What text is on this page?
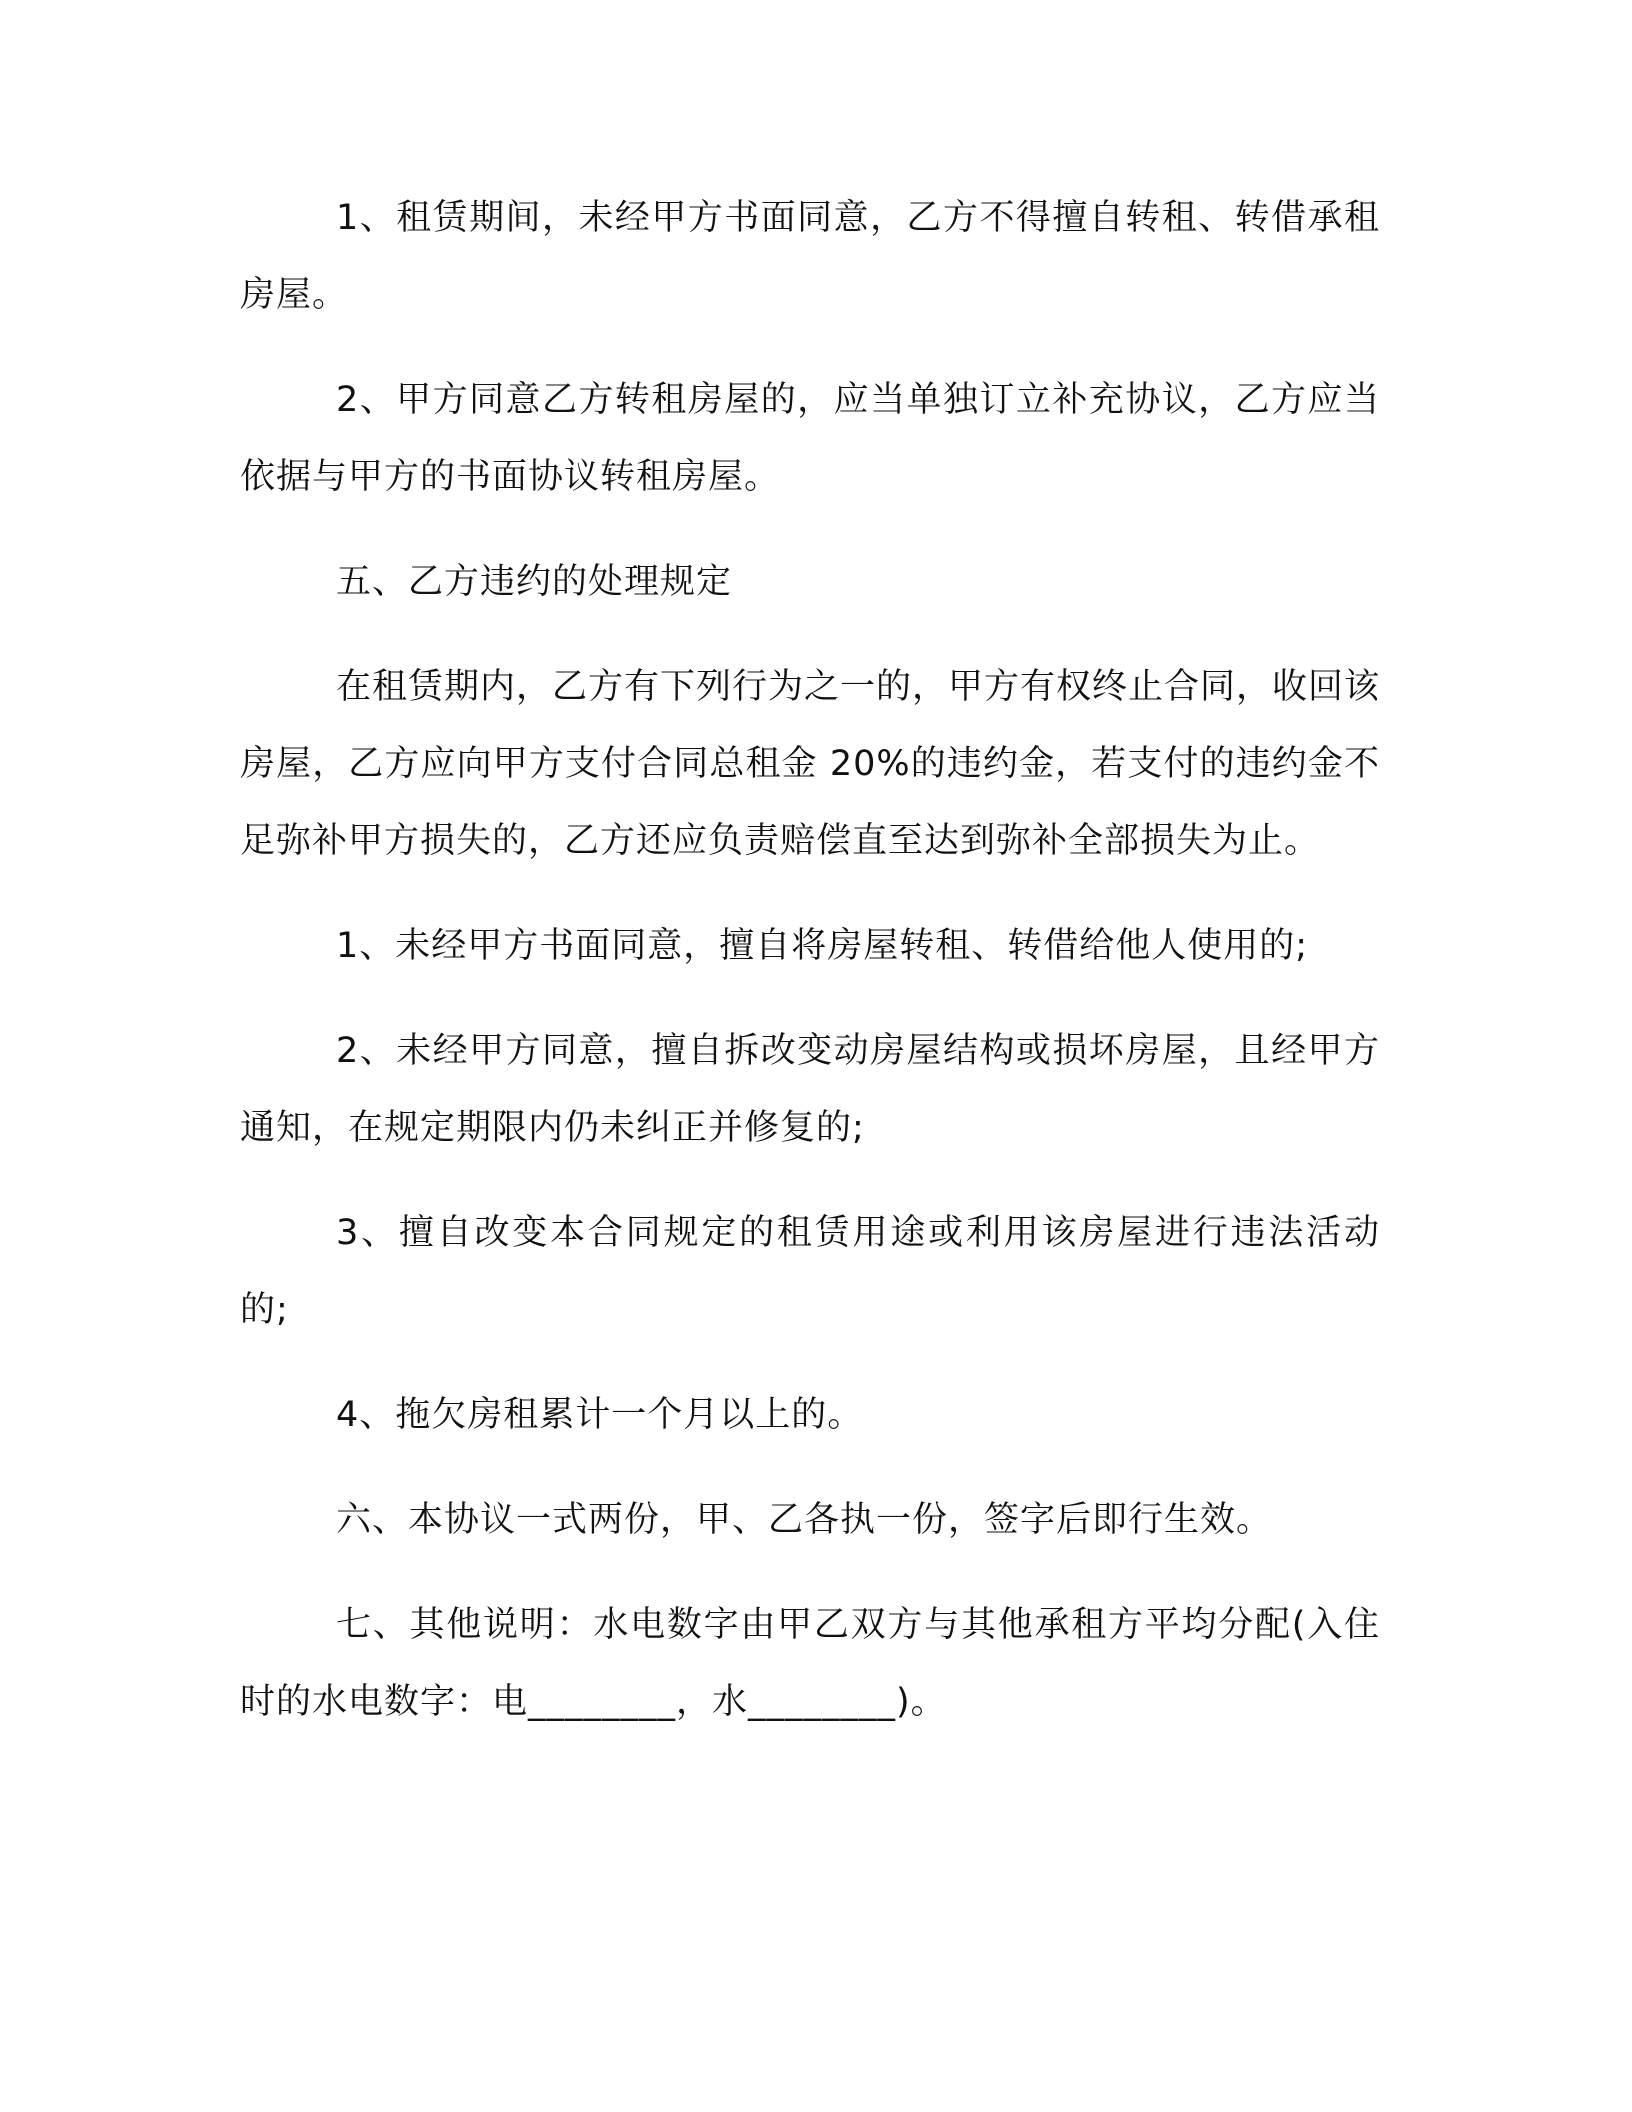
1、租赁期间，未经甲方书面同意，乙方不得擅自转租、转借承租房屋。

2、甲方同意乙方转租房屋的，应当单独订立补充协议，乙方应当依据与甲方的书面协议转租房屋。

五、乙方违约的处理规定

在租赁期内，乙方有下列行为之一的，甲方有权终止合同，收回该房屋，乙方应向甲方支付合同总租金 20%的违约金，若支付的违约金不足弥补甲方损失的，乙方还应负责赔偿直至达到弥补全部损失为止。

1、未经甲方书面同意，擅自将房屋转租、转借给他人使用的;

2、未经甲方同意，擅自拆改变动房屋结构或损坏房屋，且经甲方通知，在规定期限内仍未纠正并修复的;

3、擅自改变本合同规定的租赁用途或利用该房屋进行违法活动的;

4、拖欠房租累计一个月以上的。

六、本协议一式两份，甲、乙各执一份，签字后即行生效。

七、其他说明：水电数字由甲乙双方与其他承租方平均分配(入住时的水电数字：电________，水________)。
